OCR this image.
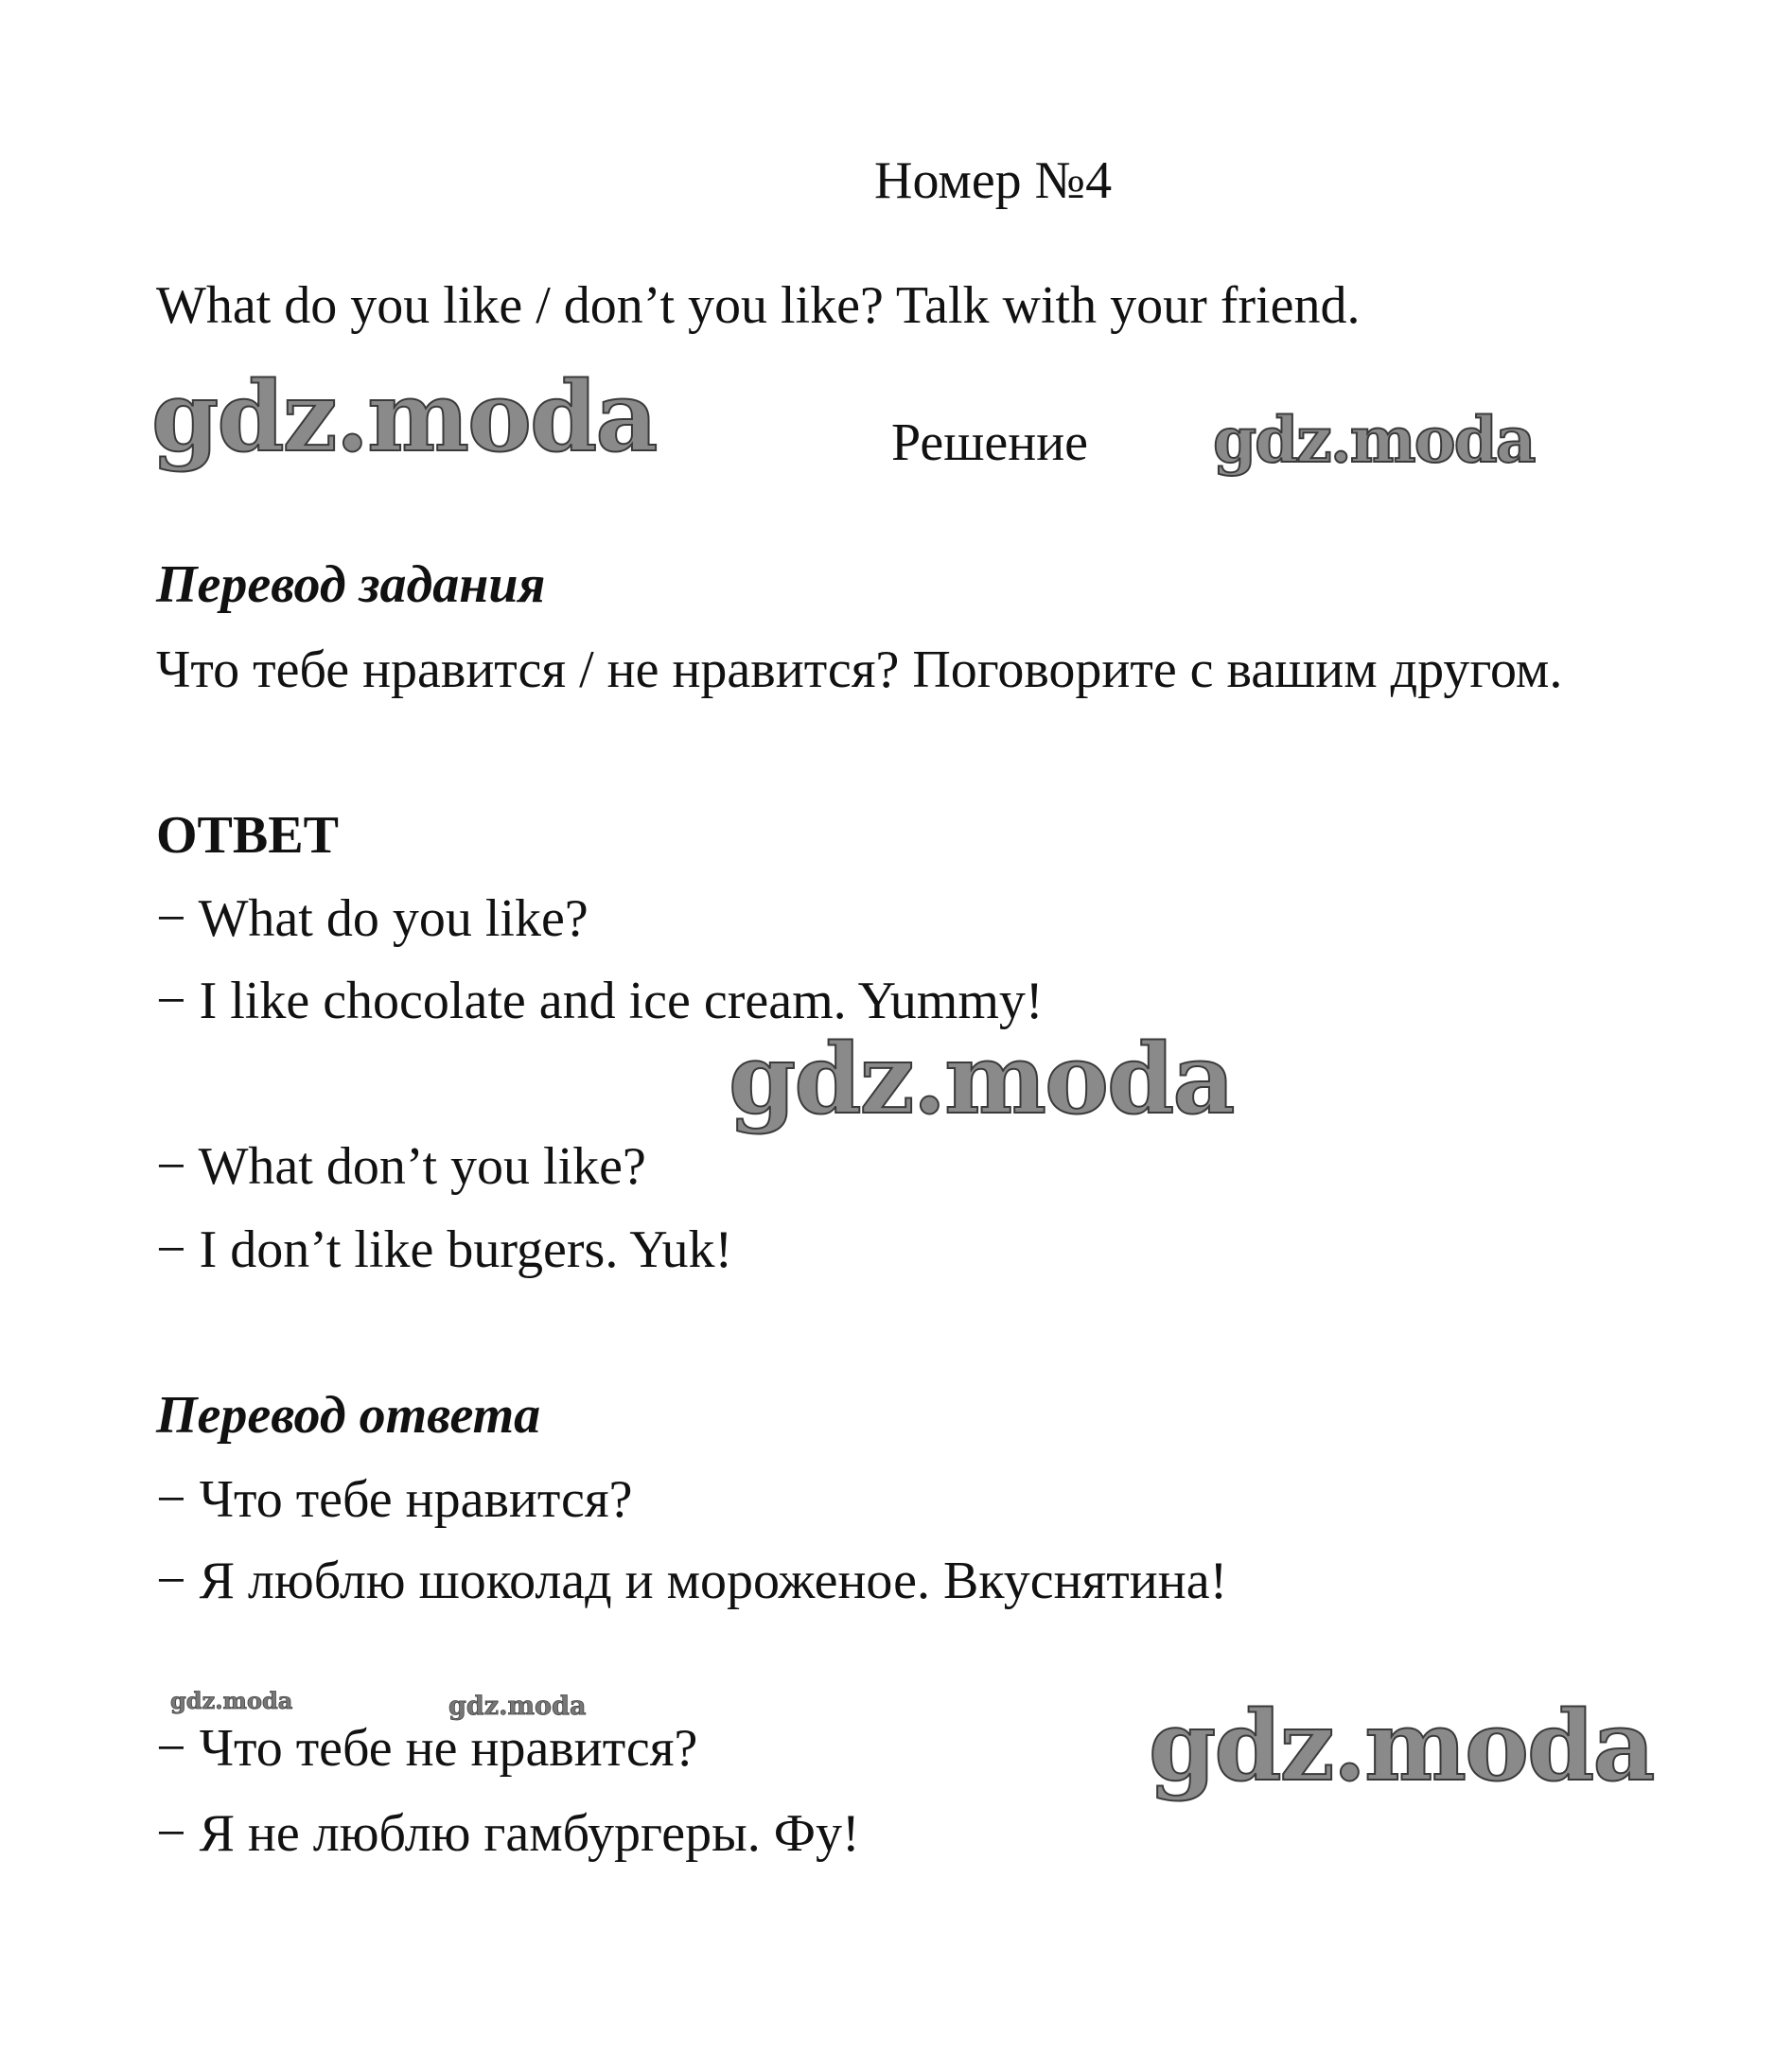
Номер №4
What do you like / don’t you like? Talk with your friend.
gdz.moda	Решение gdz.moda
Перевод задания
Что тебе нравится / не нравится? Поговорите с вашим другом.
ОТВЕТ
− What do you like?
− I like chocolate and ice cream. Yummy!
gdz.moda
− What don’t you like?
− I don’t like burgers. Yuk!
Перевод ответа
− Что тебе нравится?
− Я люблю шоколад и мороженое. Вкуснятина!
gdz.moda	gdz.moda
− Что тебе не нравится?	gdz.moda
− Я не люблю гамбургеры. Фу!
